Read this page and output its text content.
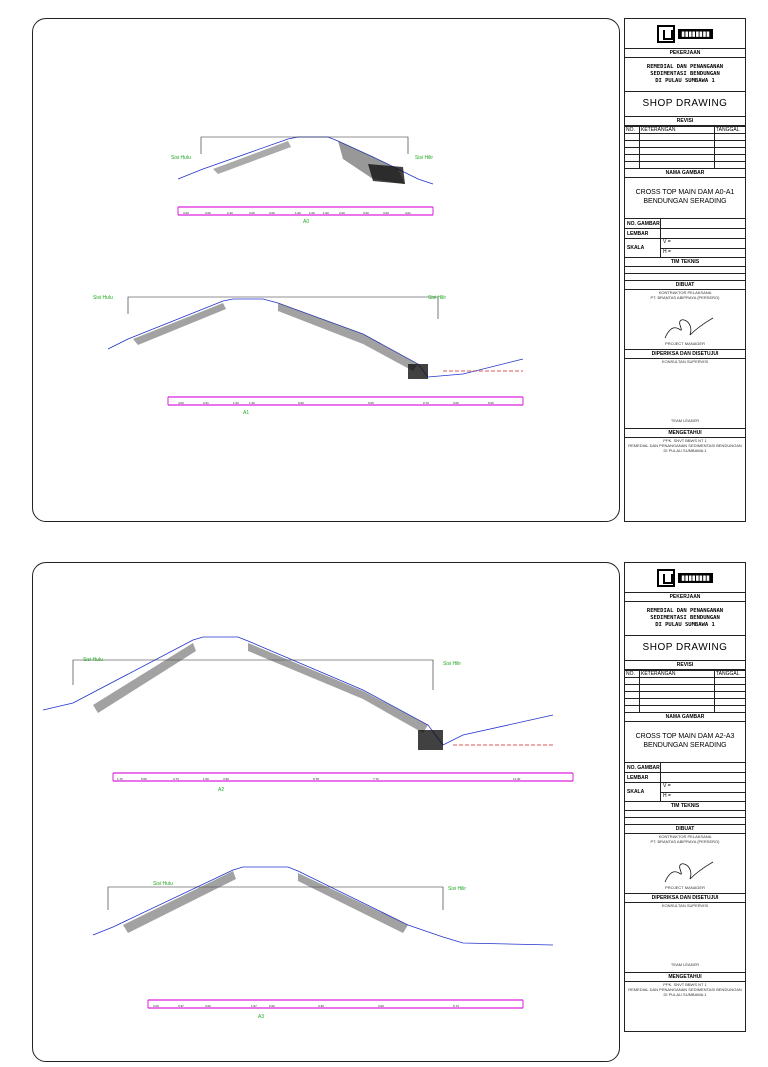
Sisi Hulu	Sisi Hilir
A0
3.00	3.00	2.40	3.00	3.00	1.00	1.00	1.00	2.00	3.00	3.00	4.01
Sisi Hulu	Sisi Hilir
A1
4.00	2.61	1.00	1.20	9.00	9.05	0.70	3.00	6.00
▮▮▮▮▮▮▮▮
PEKERJAAN
REMEDIAL DAN PENANGANAN
SEDIMENTASI BENDUNGAN
DI PULAU SUMBAWA 1
SHOP DRAWING
REVISI
NO.	KETERANGAN	TANGGAL

NAMA GAMBAR
CROSS TOP MAIN DAM A0-A1
BENDUNGAN SERADING
NO. GAMBAR
LEMBAR
SKALA
V =
H =
TIM TEKNIS
DIBUAT
KONTRAKTOR PELAKSANA
PT. BRANTAS ABIPRAYA (PERSERO)
PROJECT MANAGER
DIPERIKSA DAN DISETUJUI
KONSULTAN SUPERVISI
TEAM LEADER
MENGETAHUI
PPK. SNVT BBWS NT 1
REMEDIAL DAN PENANGANAN SEDIMENTASI BENDUNGAN
DI PULAU SUMBAWA 1
Sisi Hulu
Sisi Hilir
A2
1.70	5.00	3.73	1.00	3.30	9.78	7.72	11.30
Sisi Hulu
Sisi Hilir
A3
3.00	3.37	3.00	1.97	2.00	3.30	3.00	5.73
▮▮▮▮▮▮▮▮
PEKERJAAN
REMEDIAL DAN PENANGANAN
SEDIMENTASI BENDUNGAN
DI PULAU SUMBAWA 1
SHOP DRAWING
REVISI
NO.	KETERANGAN	TANGGAL

NAMA GAMBAR
CROSS TOP MAIN DAM A2-A3
BENDUNGAN SERADING
NO. GAMBAR
LEMBAR
SKALA
V =
H =
TIM TEKNIS
DIBUAT
KONTRAKTOR PELAKSANA
PT. BRANTAS ABIPRAYA (PERSERO)
PROJECT MANAGER
DIPERIKSA DAN DISETUJUI
KONSULTAN SUPERVISI
TEAM LEADER
MENGETAHUI
PPK. SNVT BBWS NT 1
REMEDIAL DAN PENANGANAN SEDIMENTASI BENDUNGAN
DI PULAU SUMBAWA 1
